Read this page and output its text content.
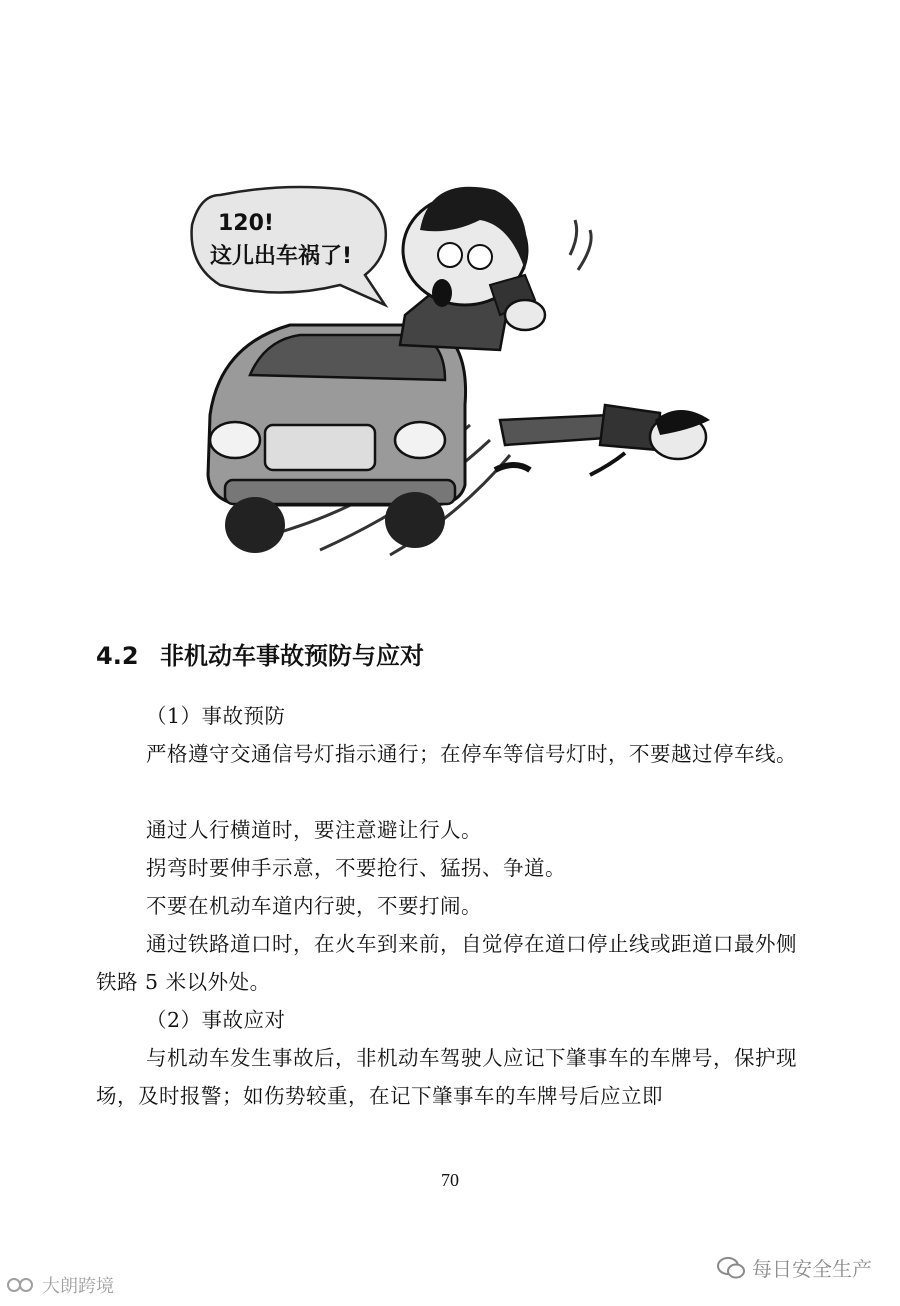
120!
这儿出车祸了!
4.2 非机动车事故预防与应对
（1）事故预防
严格遵守交通信号灯指示通行；在停车等信号灯时，不要越过停车线。
通过人行横道时，要注意避让行人。
拐弯时要伸手示意，不要抢行、猛拐、争道。
不要在机动车道内行驶，不要打闹。
通过铁路道口时，在火车到来前，自觉停在道口停止线或距道口最外侧铁路 5 米以外处。
（2）事故应对
与机动车发生事故后，非机动车驾驶人应记下肇事车的车牌号，保护现场，及时报警；如伤势较重，在记下肇事车的车牌号后应立即
70
每日安全生产
大朗跨境
